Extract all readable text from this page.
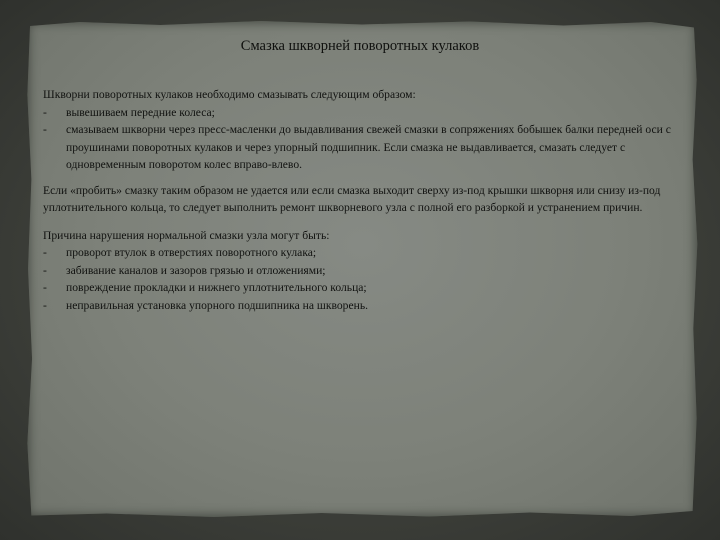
Смазка шкворней поворотных кулаков

Шкворни поворотных кулаков необходимо смазывать следующим образом:

- вывешиваем передние колеса;
- смазываем шкворни через пресс-масленки до выдавливания свежей смазки в сопряжениях бобышек балки передней оси с проушинами поворотных кулаков и через упорный подшипник. Если смазка не выдавливается, смазать следует с одновременным поворотом колес вправо-влево.

Если «пробить» смазку таким образом не удается или если смазка выходит сверху из-под крышки шкворня или снизу из-под уплотнительного кольца, то следует выполнить ремонт шкворневого узла с полной его разборкой и устранением причин.

Причина нарушения нормальной смазки узла могут быть:

- проворот втулок в отверстиях поворотного кулака;
- забивание каналов и зазоров грязью и отложениями;
- повреждение прокладки и нижнего уплотнительного кольца;
- неправильная установка упорного подшипника на шкворень.
